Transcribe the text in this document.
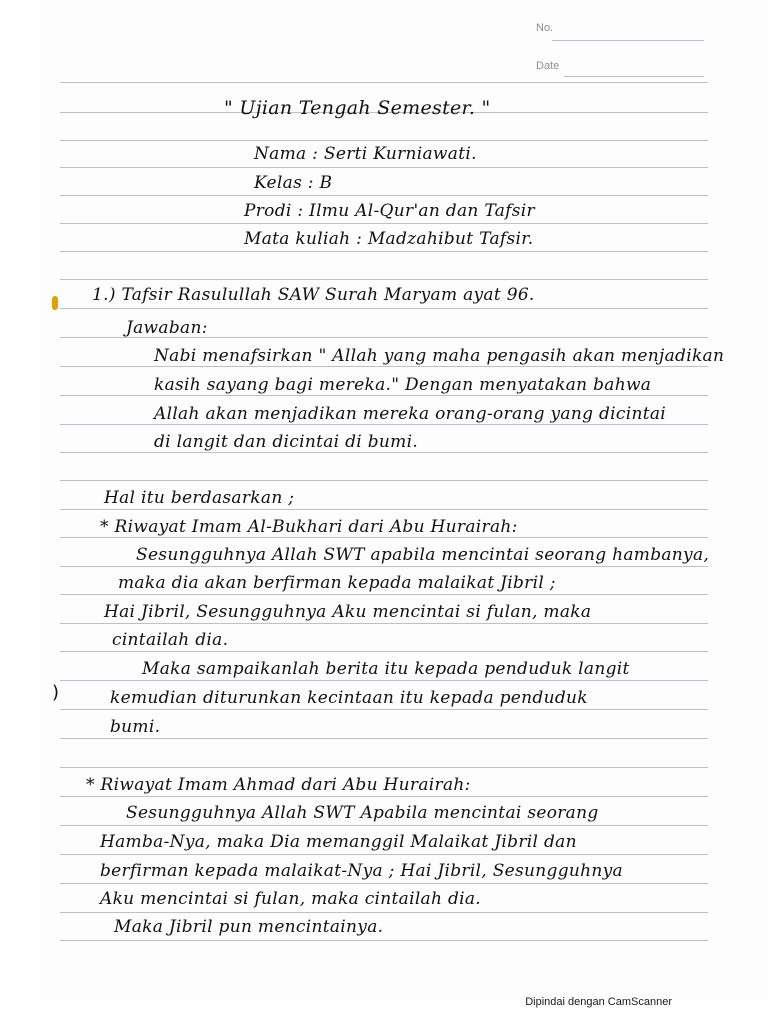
No.
Date
)
" Ujian Tengah Semester. "
Nama : Serti Kurniawati.
Kelas : B
Prodi : Ilmu Al-Qur'an dan Tafsir
Mata kuliah : Madzahibut Tafsir.
1.) Tafsir Rasulullah SAW Surah Maryam ayat 96.
Jawaban:
Nabi menafsirkan " Allah yang maha pengasih akan menjadikan
kasih sayang bagi mereka." Dengan menyatakan bahwa
Allah akan menjadikan mereka orang-orang yang dicintai
di langit dan dicintai di bumi.
Hal itu berdasarkan ;
* Riwayat Imam Al-Bukhari dari Abu Hurairah:
Sesungguhnya Allah SWT apabila mencintai seorang hambanya,
maka dia akan berfirman kepada malaikat Jibril ;
Hai Jibril, Sesungguhnya Aku mencintai si fulan, maka
cintailah dia.
Maka sampaikanlah berita itu kepada penduduk langit
kemudian diturunkan kecintaan itu kepada penduduk
bumi.
* Riwayat Imam Ahmad dari Abu Hurairah:
Sesungguhnya Allah SWT Apabila mencintai seorang
Hamba-Nya, maka Dia memanggil Malaikat Jibril dan
berfirman kepada malaikat-Nya ; Hai Jibril, Sesungguhnya
Aku mencintai si fulan, maka cintailah dia.
Maka Jibril pun mencintainya.
Dipindai dengan CamScanner
